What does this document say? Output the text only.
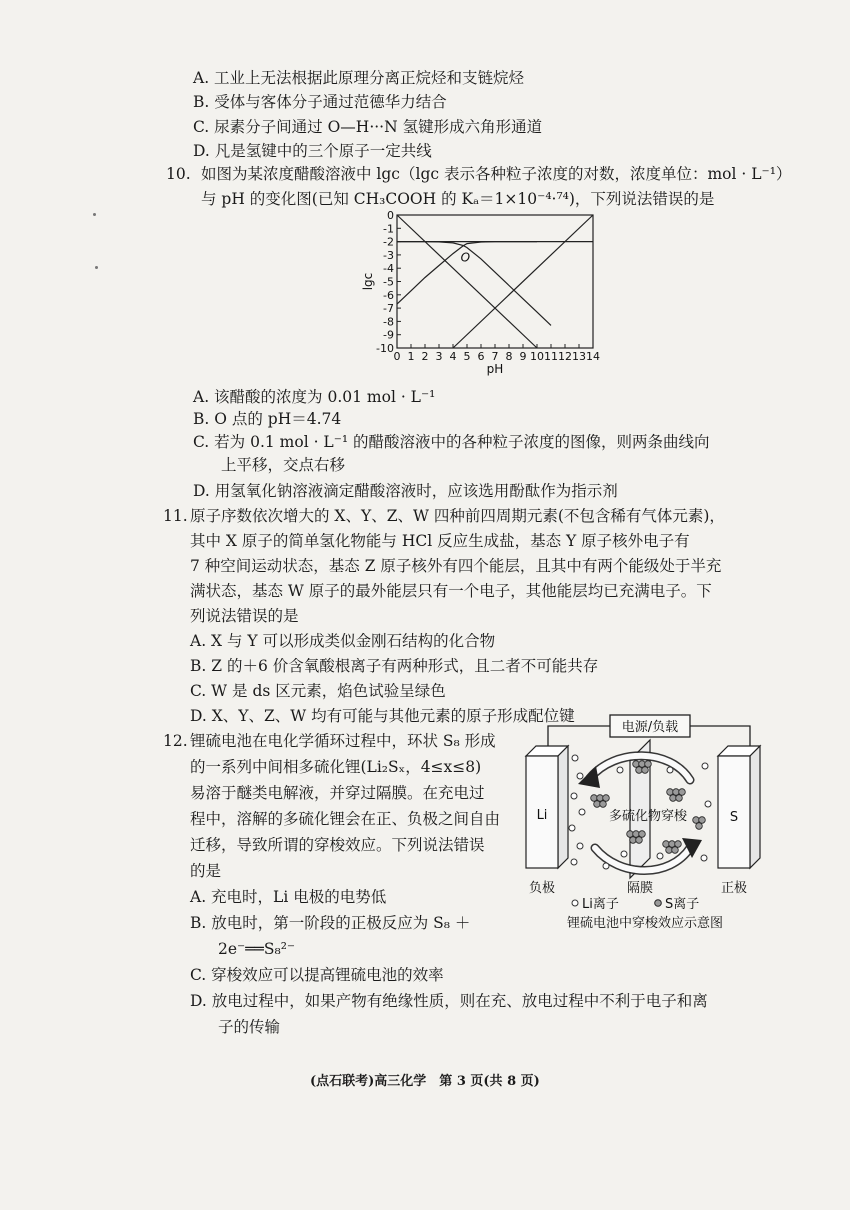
A. 工业上无法根据此原理分离正烷烃和支链烷烃
B. 受体与客体分子通过范德华力结合
C. 尿素分子间通过 O—H···N 氢键形成六角形通道
D. 凡是氢键中的三个原子一定共线
10. 如图为某浓度醋酸溶液中 lgc（lgc 表示各种粒子浓度的对数，浓度单位：mol · L⁻¹）
与 pH 的变化图(已知 CH₃COOH 的 Kₐ＝1×10⁻⁴·⁷⁴)，下列说法错误的是
0
-1
-2
-3
-4
-5
-6
-7
-8
-9
-10
0 1 2 3 4 5 6 7 8 9 10 11 12 13 14
pH
lgc
O
A. 该醋酸的浓度为 0.01 mol · L⁻¹
B. O 点的 pH＝4.74
C. 若为 0.1 mol · L⁻¹ 的醋酸溶液中的各种粒子浓度的图像，则两条曲线向
上平移，交点右移
D. 用氢氧化钠溶液滴定醋酸溶液时，应该选用酚酞作为指示剂
11. 原子序数依次增大的 X、Y、Z、W 四种前四周期元素(不包含稀有气体元素)，
其中 X 原子的简单氢化物能与 HCl 反应生成盐，基态 Y 原子核外电子有
7 种空间运动状态，基态 Z 原子核外有四个能层，且其中有两个能级处于半充
满状态，基态 W 原子的最外能层只有一个电子，其他能层均已充满电子。下
列说法错误的是
A. X 与 Y 可以形成类似金刚石结构的化合物
B. Z 的＋6 价含氧酸根离子有两种形式，且二者不可能共存
C. W 是 ds 区元素，焰色试验呈绿色
D. X、Y、Z、W 均有可能与其他元素的原子形成配位键
12. 锂硫电池在电化学循环过程中，环状 S₈ 形成
的一系列中间相多硫化锂(Li₂Sₓ，4≤x≤8)
易溶于醚类电解液，并穿过隔膜。在充电过
程中，溶解的多硫化锂会在正、负极之间自由
迁移，导致所谓的穿梭效应。下列说法错误
的是
A. 充电时，Li 电极的电势低
B. 放电时，第一阶段的正极反应为 S₈ ＋
2e⁻══S₈²⁻
C. 穿梭效应可以提高锂硫电池的效率
D. 放电过程中，如果产物有绝缘性质，则在充、放电过程中不利于电子和离
子的传输
电源/负载
Li	S
多硫化物穿梭
负极	隔膜	正极
Li离子	S离子
锂硫电池中穿梭效应示意图
(点石联考)高三化学　第 3 页(共 8 页)
